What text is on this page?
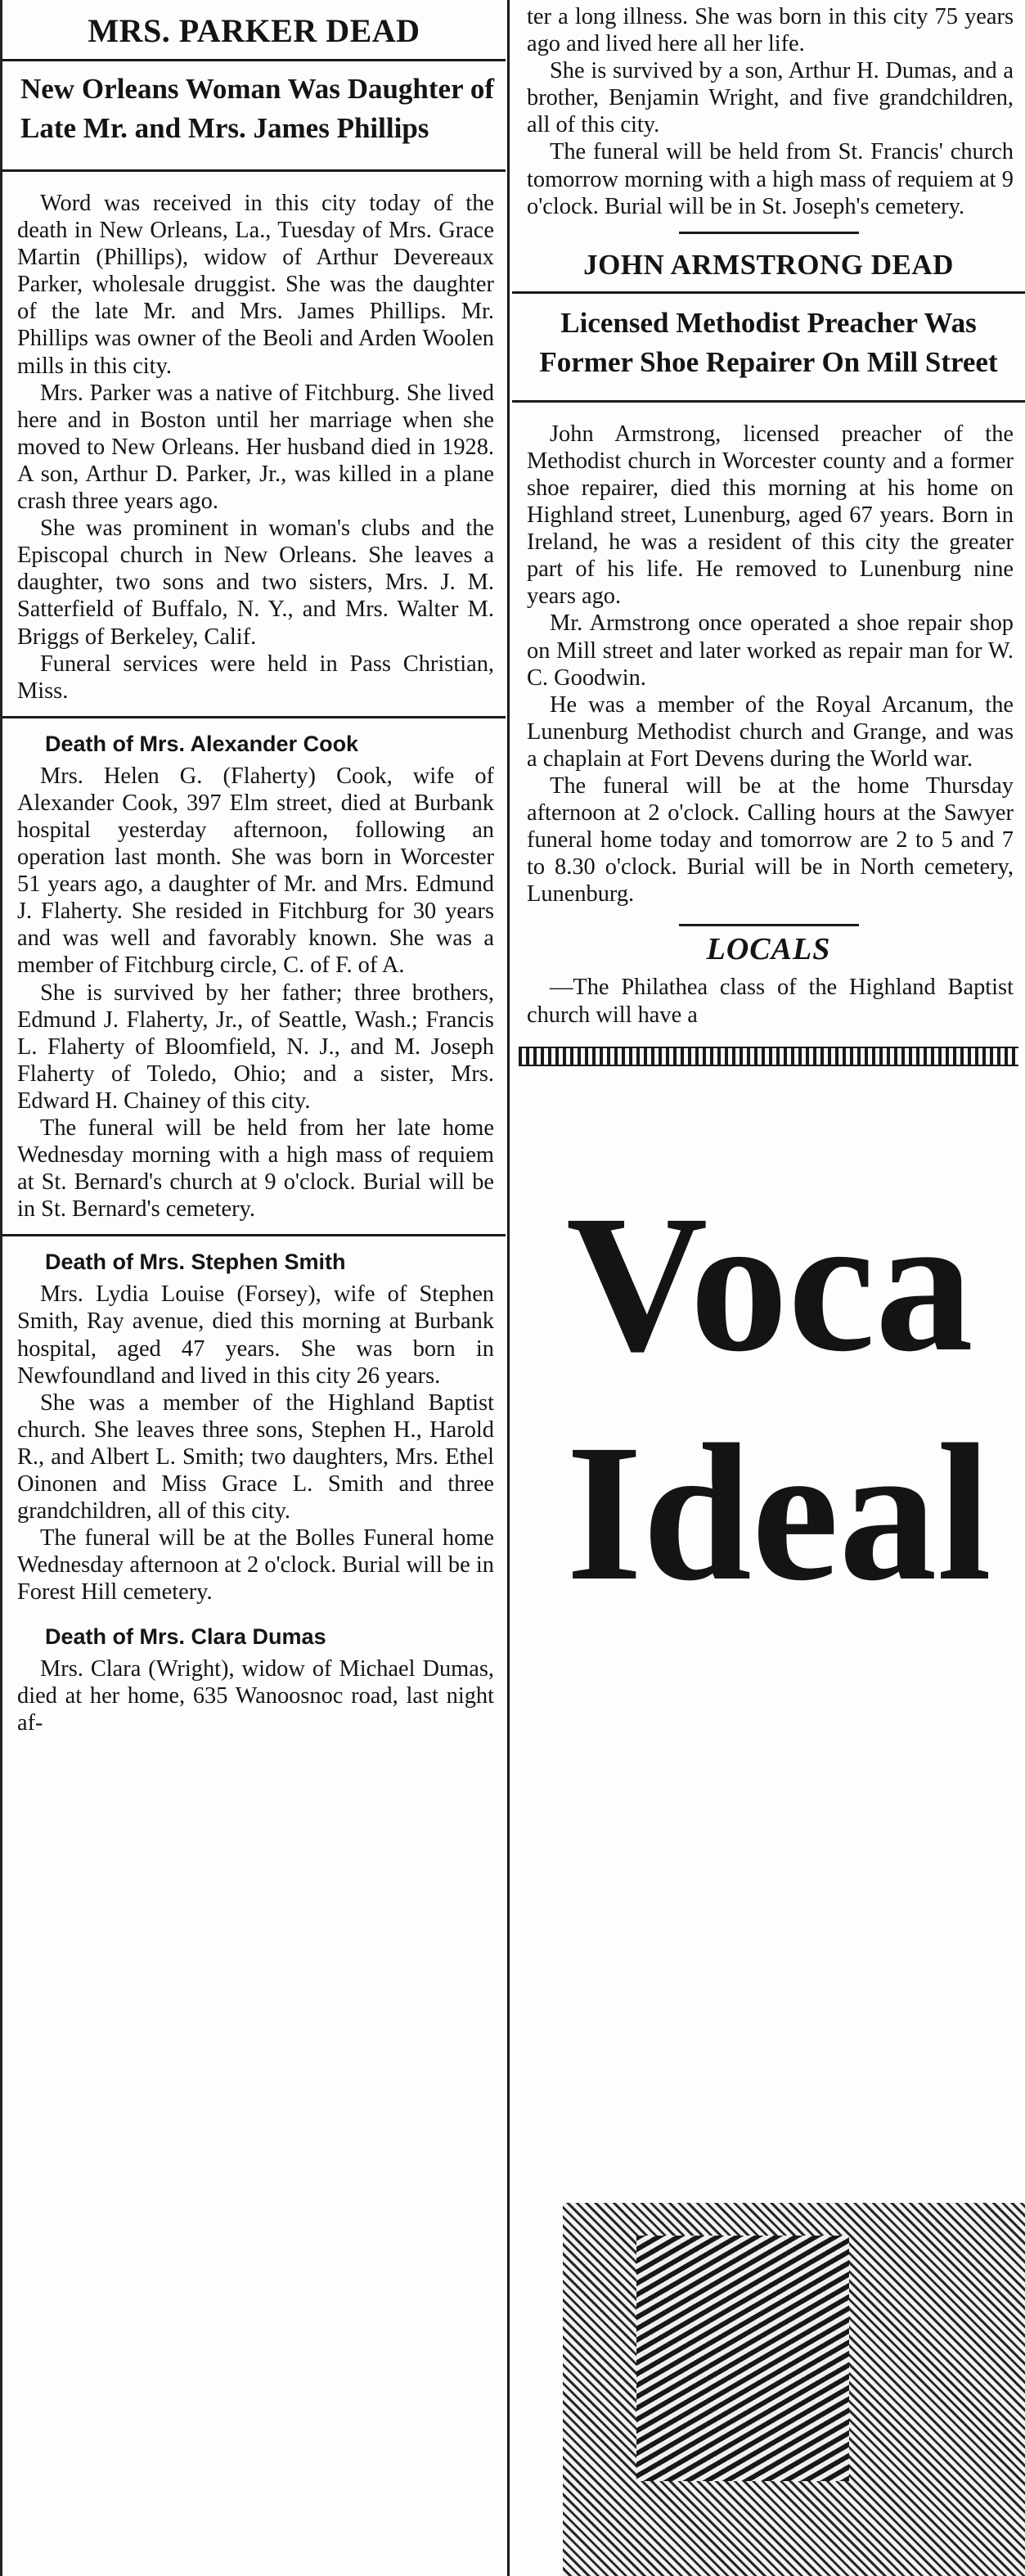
MRS. PARKER DEAD
New Orleans Woman Was Daughter of Late Mr. and Mrs. James Phillips

Word was received in this city today of the death in New Orleans, La., Tuesday of Mrs. Grace Martin (Phillips), widow of Arthur Devereaux Parker, wholesale druggist. She was the daughter of the late Mr. and Mrs. James Phillips. Mr. Phillips was owner of the Beoli and Arden Woolen mills in this city.

Mrs. Parker was a native of Fitchburg. She lived here and in Boston until her marriage when she moved to New Orleans. Her husband died in 1928. A son, Arthur D. Parker, Jr., was killed in a plane crash three years ago.

She was prominent in woman's clubs and the Episcopal church in New Orleans. She leaves a daughter, two sons and two sisters, Mrs. J. M. Satterfield of Buffalo, N. Y., and Mrs. Walter M. Briggs of Berkeley, Calif.

Funeral services were held in Pass Christian, Miss.

Death of Mrs. Alexander Cook

Mrs. Helen G. (Flaherty) Cook, wife of Alexander Cook, 397 Elm street, died at Burbank hospital yesterday afternoon, following an operation last month. She was born in Worcester 51 years ago, a daughter of Mr. and Mrs. Edmund J. Flaherty. She resided in Fitchburg for 30 years and was well and favorably known. She was a member of Fitchburg circle, C. of F. of A.

She is survived by her father; three brothers, Edmund J. Flaherty, Jr., of Seattle, Wash.; Francis L. Flaherty of Bloomfield, N. J., and M. Joseph Flaherty of Toledo, Ohio; and a sister, Mrs. Edward H. Chainey of this city.

The funeral will be held from her late home Wednesday morning with a high mass of requiem at St. Bernard's church at 9 o'clock. Burial will be in St. Bernard's cemetery.

Death of Mrs. Stephen Smith

Mrs. Lydia Louise (Forsey), wife of Stephen Smith, Ray avenue, died this morning at Burbank hospital, aged 47 years. She was born in Newfoundland and lived in this city 26 years.

She was a member of the Highland Baptist church. She leaves three sons, Stephen H., Harold R., and Albert L. Smith; two daughters, Mrs. Ethel Oinonen and Miss Grace L. Smith and three grandchildren, all of this city.

The funeral will be at the Bolles Funeral home Wednesday afternoon at 2 o'clock. Burial will be in Forest Hill cemetery.

Death of Mrs. Clara Dumas

Mrs. Clara (Wright), widow of Michael Dumas, died at her home, 635 Wanoosnoc road, last night af-

ter a long illness. She was born in this city 75 years ago and lived here all her life.

She is survived by a son, Arthur H. Dumas, and a brother, Benjamin Wright, and five grandchildren, all of this city.

The funeral will be held from St. Francis' church tomorrow morning with a high mass of requiem at 9 o'clock. Burial will be in St. Joseph's cemetery.

JOHN ARMSTRONG DEAD
Licensed Methodist Preacher Was Former Shoe Repairer On Mill Street

John Armstrong, licensed preacher of the Methodist church in Worcester county and a former shoe repairer, died this morning at his home on Highland street, Lunenburg, aged 67 years. Born in Ireland, he was a resident of this city the greater part of his life. He removed to Lunenburg nine years ago.

Mr. Armstrong once operated a shoe repair shop on Mill street and later worked as repair man for W. C. Goodwin.

He was a member of the Royal Arcanum, the Lunenburg Methodist church and Grange, and was a chaplain at Fort Devens during the World war.

The funeral will be at the home Thursday afternoon at 2 o'clock. Calling hours at the Sawyer funeral home today and tomorrow are 2 to 5 and 7 to 8.30 o'clock. Burial will be in North cemetery, Lunenburg.

LOCALS

—The Philathea class of the Highland Baptist church will have a

Voca
Ideal
